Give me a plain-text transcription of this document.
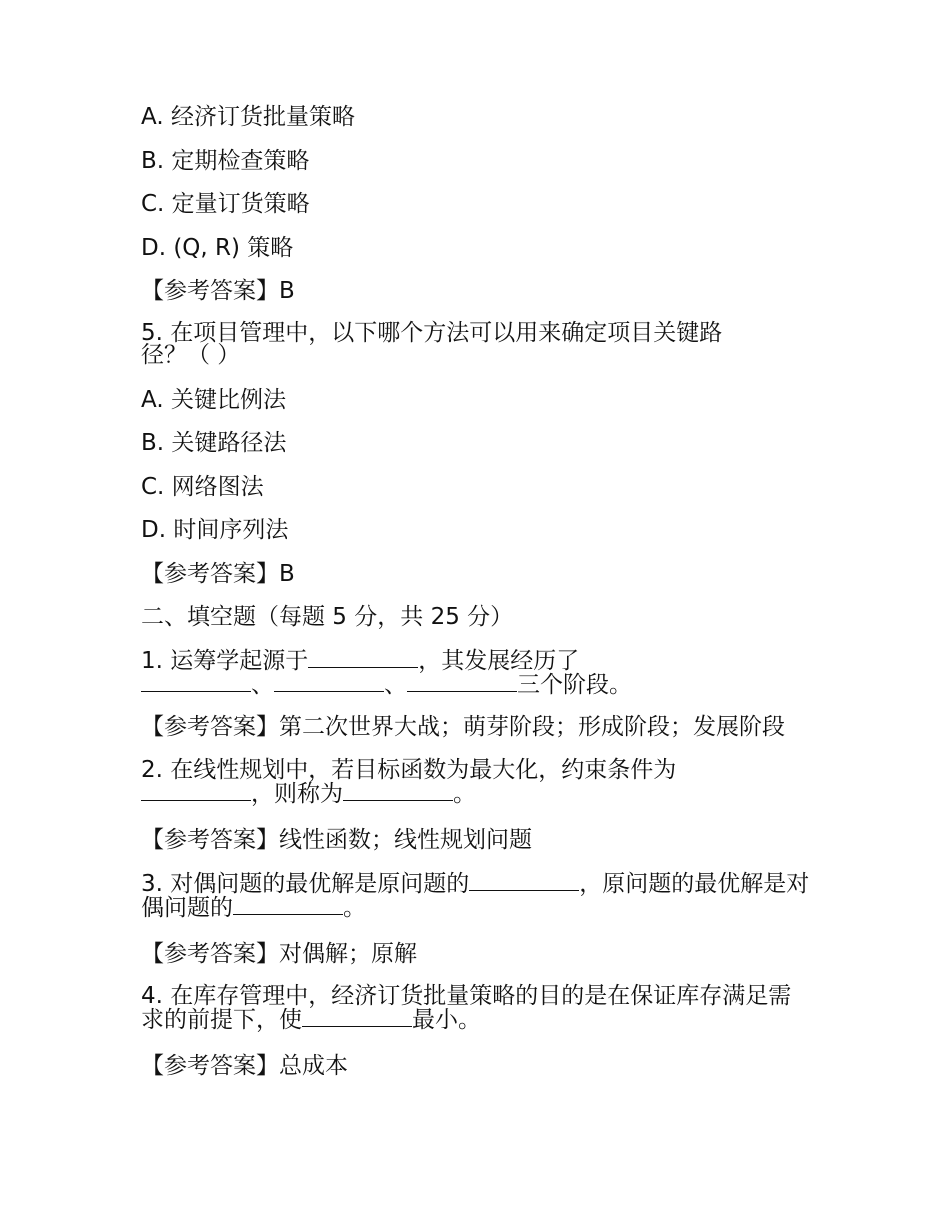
A. 经济订货批量策略

B. 定期检查策略

C. 定量订货策略

D. (Q, R) 策略

【参考答案】B

5. 在项目管理中，以下哪个方法可以用来确定项目关键路径？（ ）

A. 关键比例法

B. 关键路径法

C. 网络图法

D. 时间序列法

【参考答案】B

二、填空题（每题 5 分，共 25 分）

1. 运筹学起源于	，其发展经历了、	、	三个阶段。

【参考答案】第二次世界大战；萌芽阶段；形成阶段；发展阶段

2. 在线性规划中，若目标函数为最大化，约束条件为，则称为	。

【参考答案】线性函数；线性规划问题

3. 对偶问题的最优解是原问题的	，原问题的最优解是对偶问题的	。

【参考答案】对偶解；原解

4. 在库存管理中，经济订货批量策略的目的是在保证库存满足需求的前提下，使	最小。

【参考答案】总成本
